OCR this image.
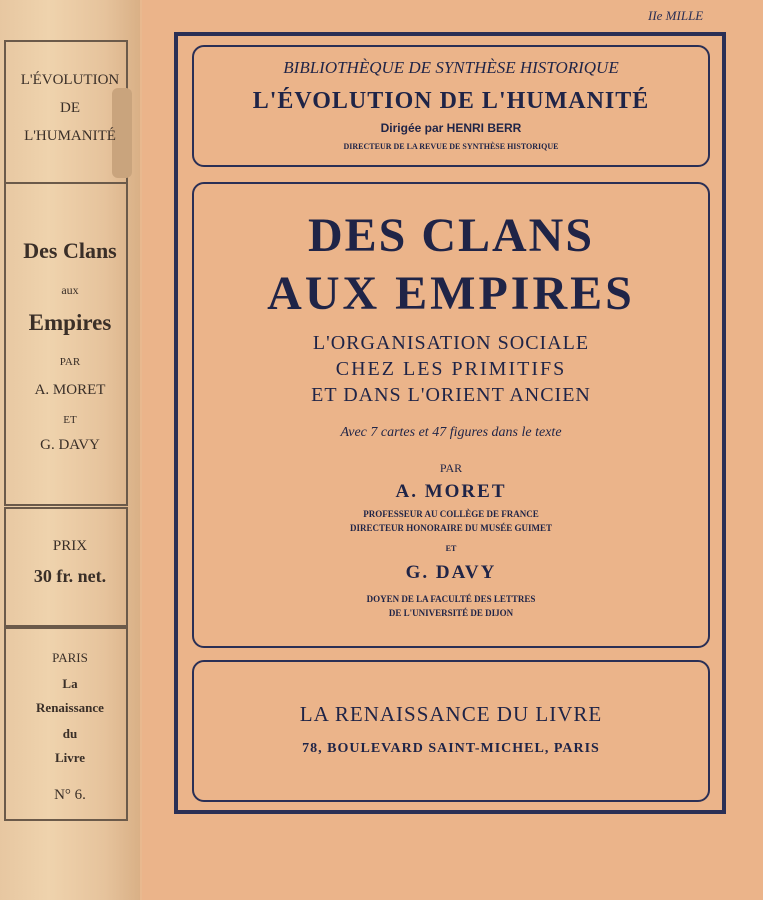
L'ÉVOLUTION
DE
L'HUMANITÉ
Des Clans
aux
Empires
PAR
A. MORET
ET
G. DAVY
PRIX
30 fr. net.
PARIS
La
Renaissance
du
Livre
N° 6.
IIe MILLE
BIBLIOTHÈQUE DE SYNTHÈSE HISTORIQUE
L'ÉVOLUTION DE L'HUMANITÉ
Dirigée par HENRI BERR
DIRECTEUR DE LA REVUE DE SYNTHÈSE HISTORIQUE
DES CLANS
AUX EMPIRES
L'ORGANISATION SOCIALE
CHEZ LES PRIMITIFS
ET DANS L'ORIENT ANCIEN
Avec 7 cartes et 47 figures dans le texte
PAR
A. MORET
PROFESSEUR AU COLLÈGE DE FRANCE
DIRECTEUR HONORAIRE DU MUSÉE GUIMET
ET
G. DAVY
DOYEN DE LA FACULTÉ DES LETTRES
DE L'UNIVERSITÉ DE DIJON
LA RENAISSANCE DU LIVRE
78, BOULEVARD SAINT-MICHEL, PARIS
